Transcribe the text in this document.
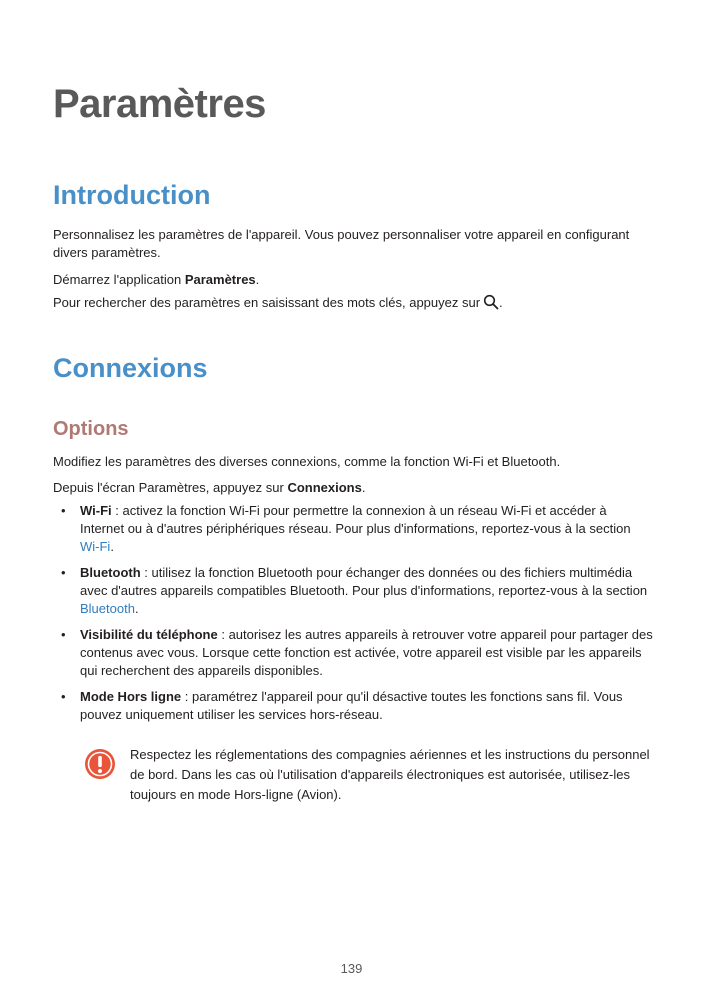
Paramètres
Introduction

Personnalisez les paramètres de l'appareil. Vous pouvez personnaliser votre appareil en configurant divers paramètres.

Démarrez l'application Paramètres.

Pour rechercher des paramètres en saisissant des mots clés, appuyez sur .

Connexions
Options

Modifiez les paramètres des diverses connexions, comme la fonction Wi-Fi et Bluetooth.

Depuis l'écran Paramètres, appuyez sur Connexions.

• Wi-Fi : activez la fonction Wi-Fi pour permettre la connexion à un réseau Wi-Fi et accéder à Internet ou à d'autres périphériques réseau. Pour plus d'informations, reportez-vous à la section Wi-Fi.
• Bluetooth : utilisez la fonction Bluetooth pour échanger des données ou des fichiers multimédia avec d'autres appareils compatibles Bluetooth. Pour plus d'informations, reportez-vous à la section Bluetooth.
• Visibilité du téléphone : autorisez les autres appareils à retrouver votre appareil pour partager des contenus avec vous. Lorsque cette fonction est activée, votre appareil est visible par les appareils qui recherchent des appareils disponibles.
• Mode Hors ligne : paramétrez l'appareil pour qu'il désactive toutes les fonctions sans fil. Vous pouvez uniquement utiliser les services hors-réseau.

Respectez les réglementations des compagnies aériennes et les instructions du personnel de bord. Dans les cas où l'utilisation d'appareils électroniques est autorisée, utilisez-les toujours en mode Hors-ligne (Avion).

139
